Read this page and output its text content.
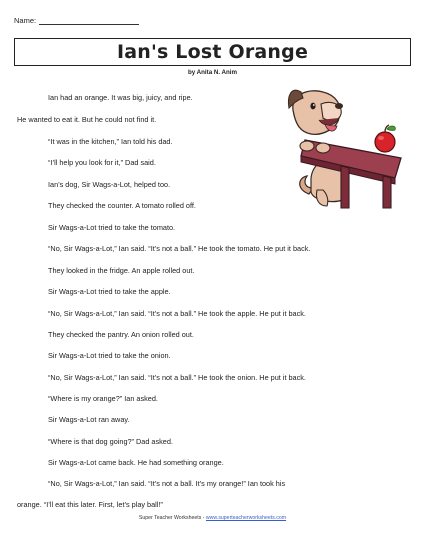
Name:
Ian's Lost Orange
by Anita N. Anim

Ian had an orange. It was big, juicy, and ripe.

He wanted to eat it. But he could not find it.

“It was in the kitchen,” Ian told his dad.

“I’ll help you look for it,” Dad said.

Ian’s dog, Sir Wags-a-Lot, helped too.

They checked the counter. A tomato rolled off.

Sir Wags-a-Lot tried to take the tomato.

“No, Sir Wags-a-Lot,” Ian said. “It’s not a ball.” He took the tomato. He put it back.

They looked in the fridge. An apple rolled out.

Sir Wags-a-Lot tried to take the apple.

“No, Sir Wags-a-Lot,” Ian said. “It’s not a ball.” He took the apple. He put it back.

They checked the pantry. An onion rolled out.

Sir Wags-a-Lot tried to take the onion.

“No, Sir Wags-a-Lot,” Ian said. “It’s not a ball.” He took the onion. He put it back.

“Where is my orange?” Ian asked.

Sir Wags-a-Lot ran away.

“Where is that dog going?” Dad asked.

Sir Wags-a-Lot came back. He had something orange.

“No, Sir Wags-a-Lot,” Ian said. “It’s not a ball. It’s my orange!” Ian took his

orange. “I’ll eat this later. First, let’s play ball!”

Super Teacher Worksheets - www.superteacherworksheets.com
